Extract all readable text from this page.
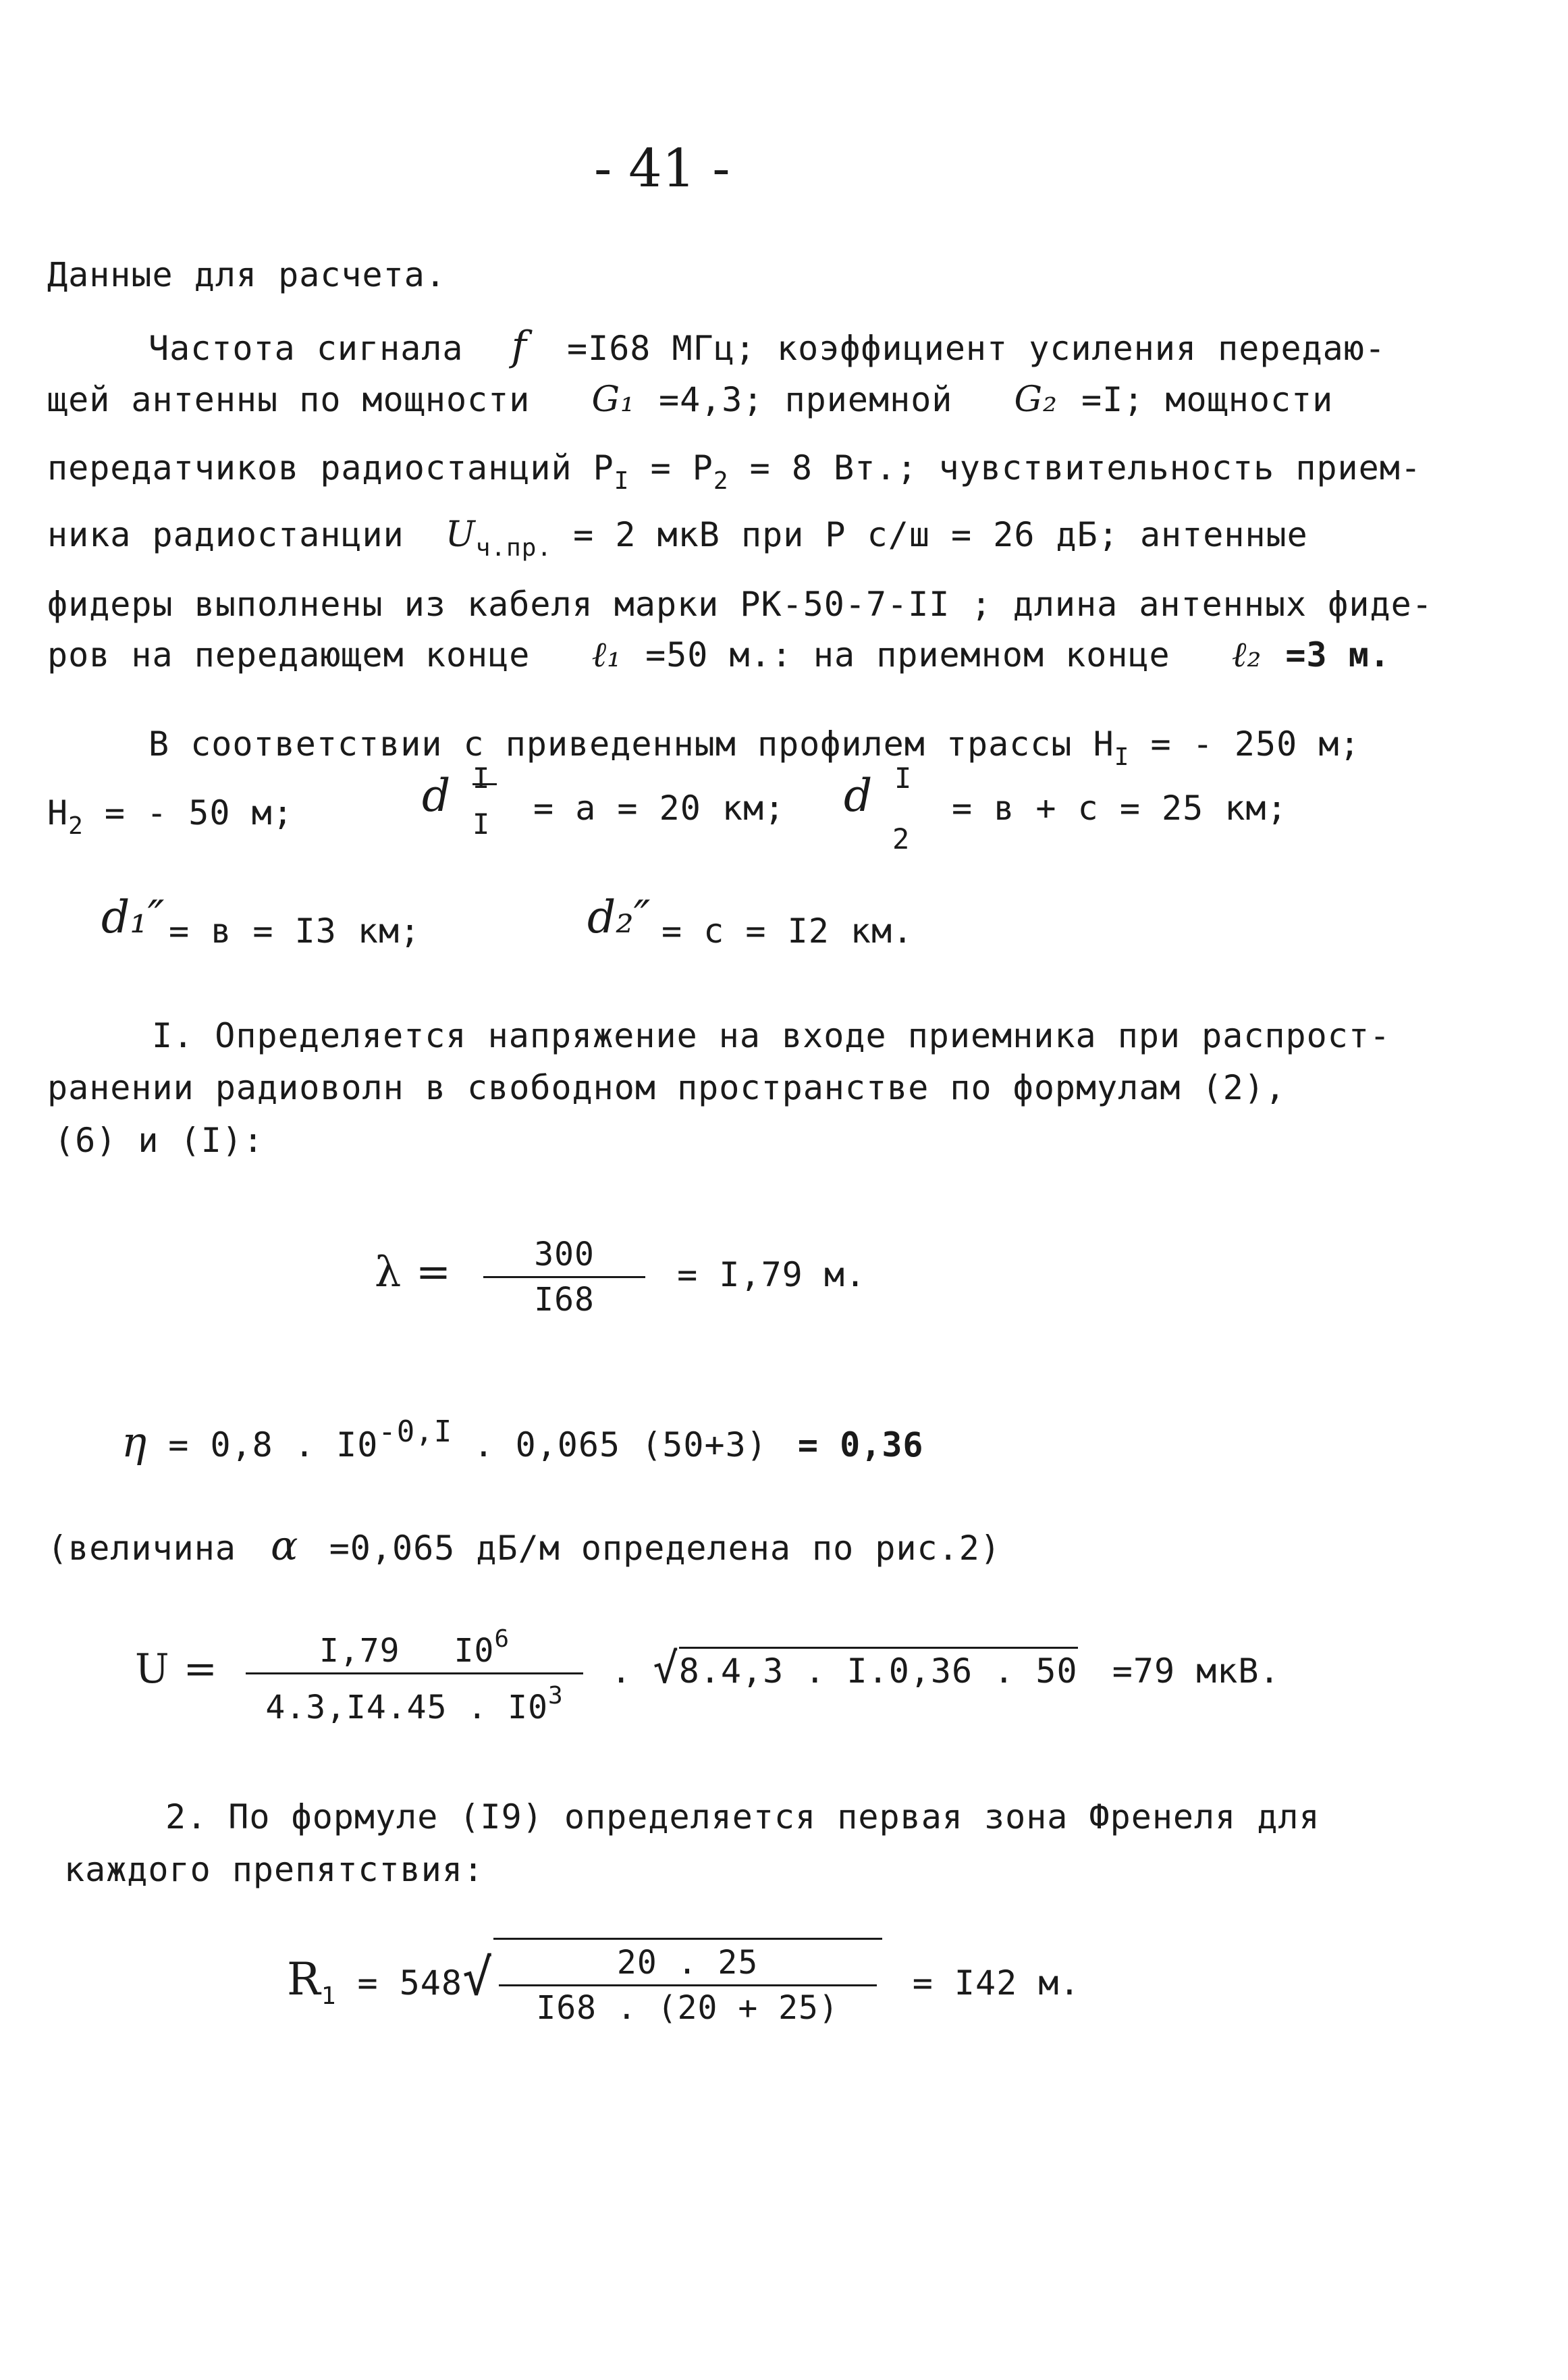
- 41 -
Данные для расчета.
Частота сигнала f =I68 МГц; коэффициент усиления передаю-
щей антенны по мощности G₁ =4,3; приемной G₂ =I; мощности
передатчиков радиостанций $Р_I = Р_2 = 8$ Вт.; чувствительность прием-
ника радиостанции $U_{ч.пр.} = 2$ мкВ при Р с/ш = 26 дБ; антенные
фидеры выполнены из кабеля марки РК-50-7-II ; длина антенных фиде-
ров на передающем конце ℓ₁ =50 м.: на приемном конце ℓ₂ =3 м.
В соответствии с приведенным профилем трассы $Н_I$ = - 250 м;
$Н_2$ = - 50 м;	d I
I = а = 20 км; d I
2
= в + с = 25 км;
d₁″ = в = I3 км;	d₂″ = с = I2 км.
I. Определяется напряжение на входе приемника при распрост-
ранении радиоволн в свободном пространстве по формулам (2),
(6) и (I):
$\lambda = \frac{300}{I68} = I,79$ м.
η = 0,8 . I0-0,I . 0,065 (50+3) = 0,36
(величина α =0,065 дБ/м определена по рис.2)
$U = \frac{I,79 I0^6}{4.3,I4.45 . I0^3}$ . √8.4,3 . I.0,36 . 50 =79 мкВ.
2. По формуле (I9) определяется первая зона Френеля для
каждого препятствия:
$R_1 = 548√ \frac{20 . 25}{I68 . (20 + 25)} = I42$ м.
